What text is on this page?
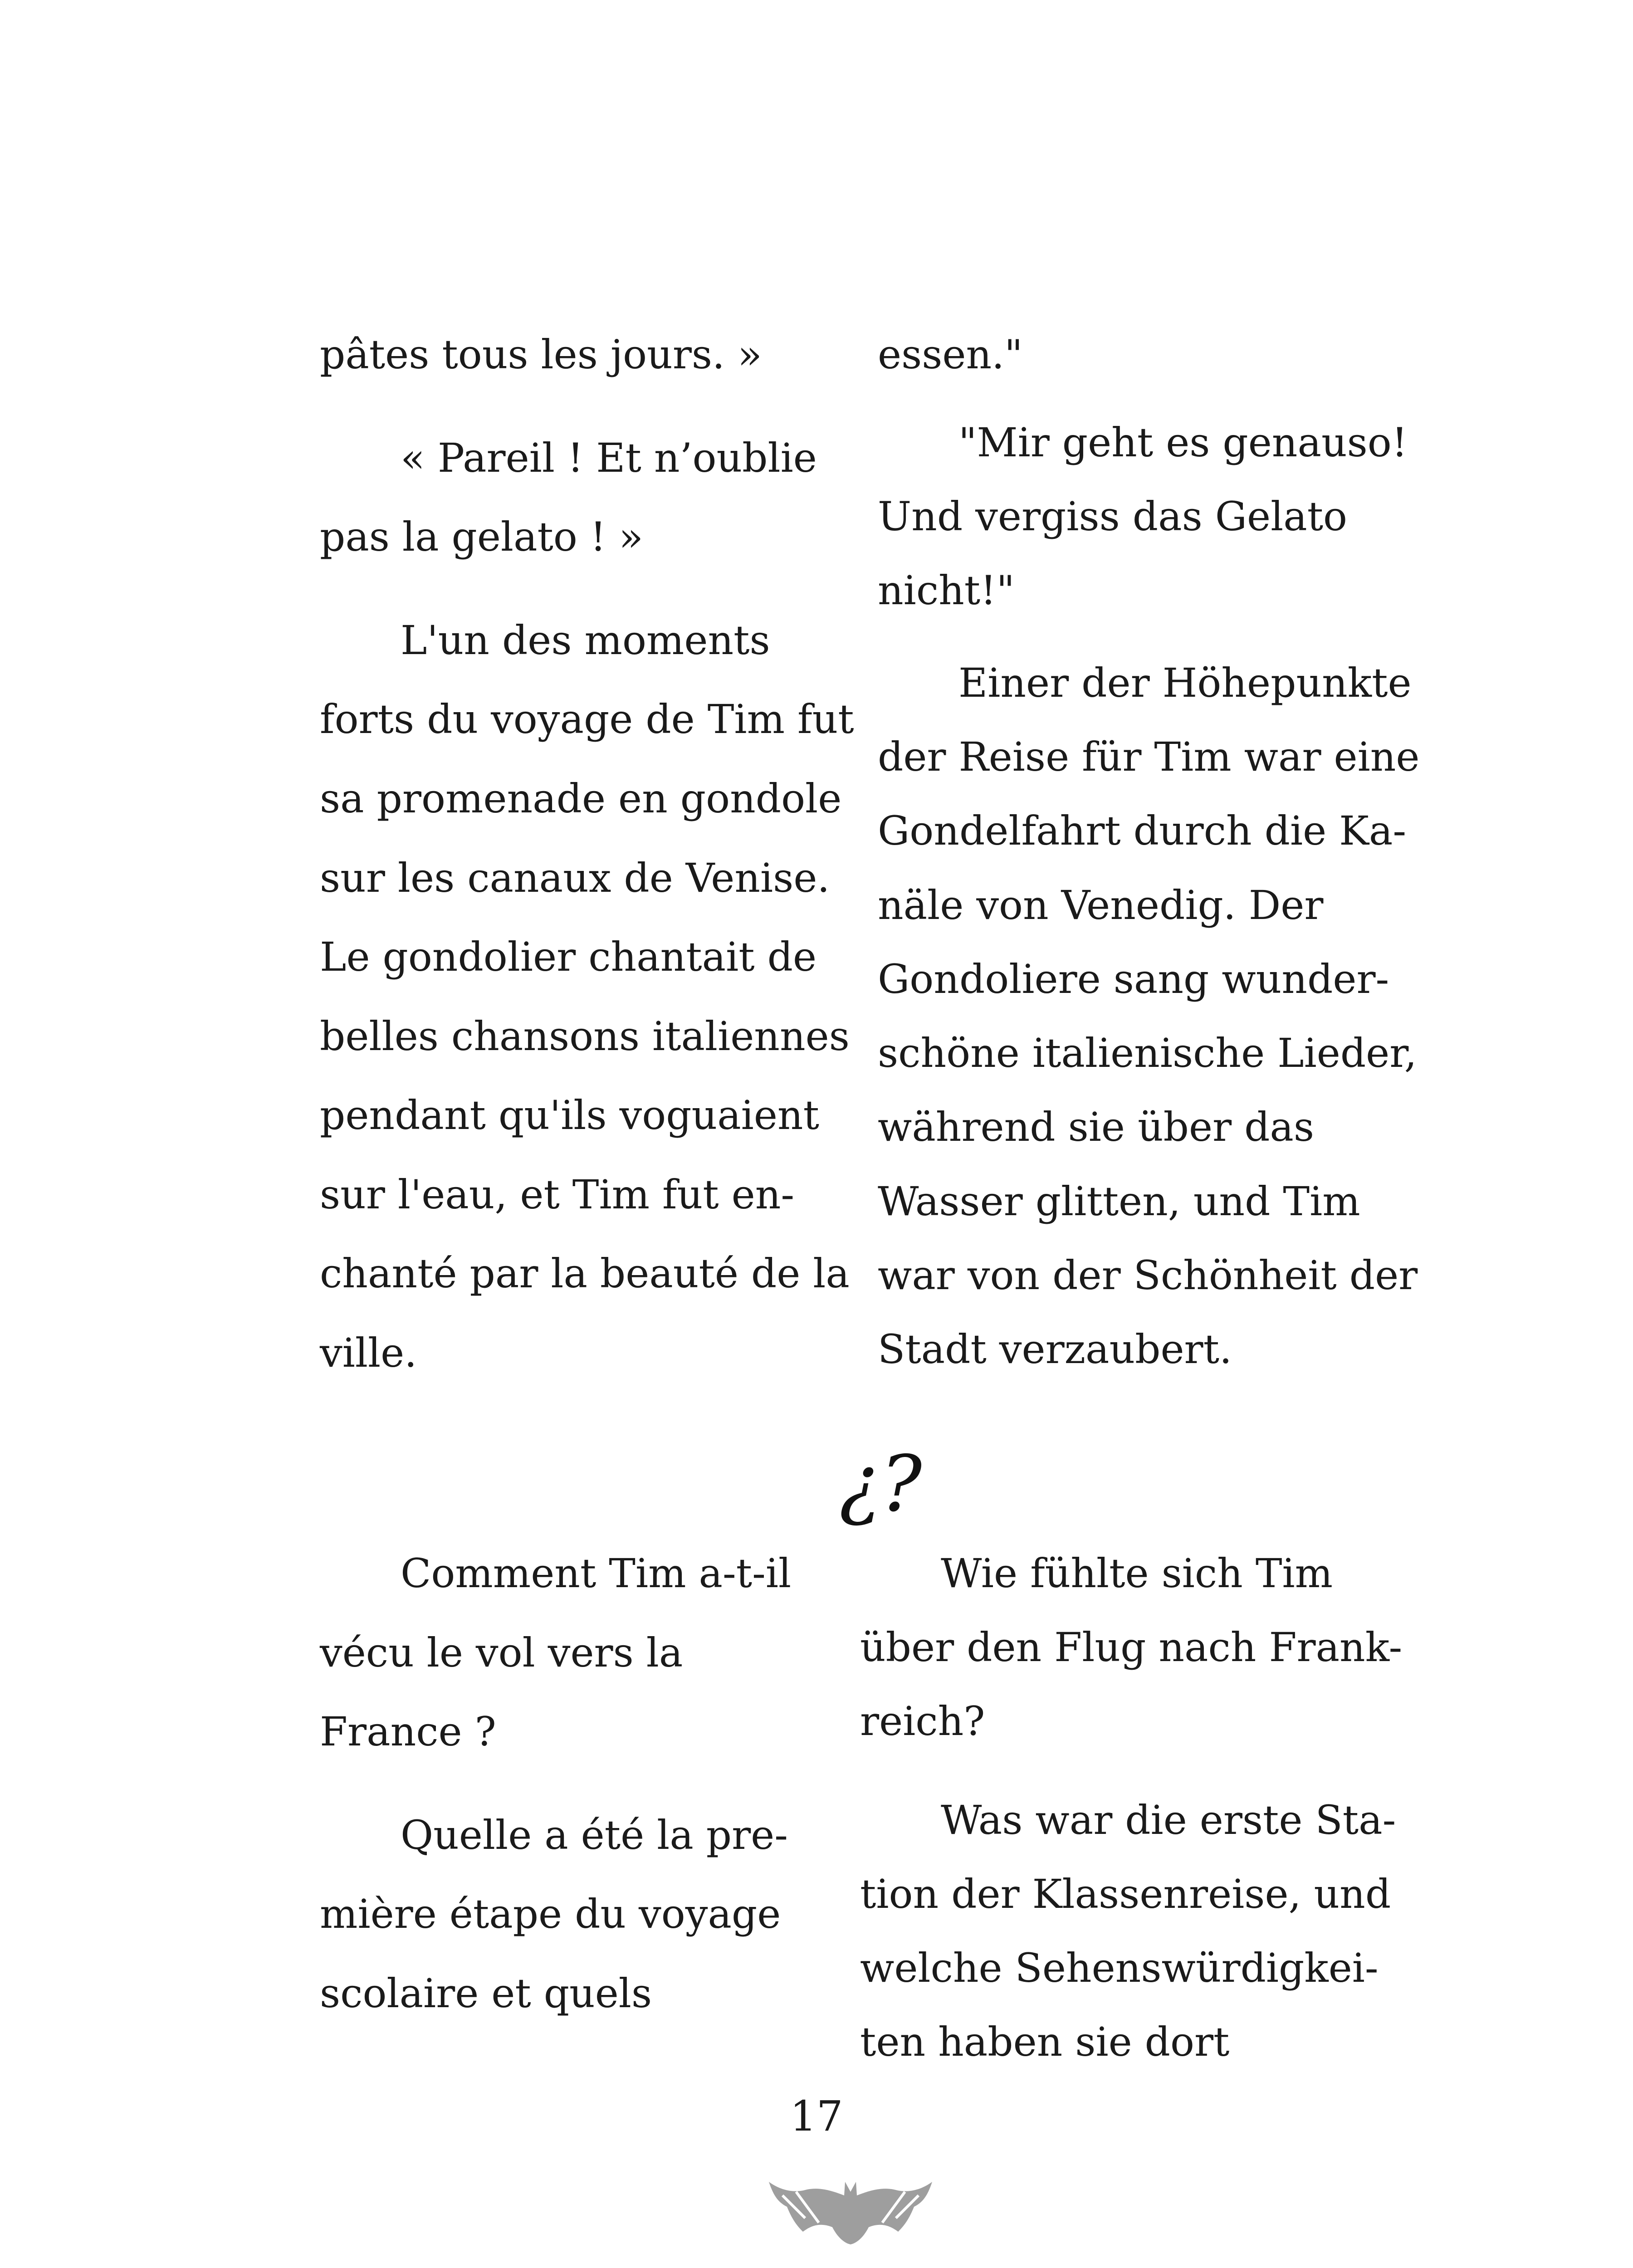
pâtes tous les jours. »
« Pareil ! Et n’oublie
pas la gelato ! »
L'un des moments
forts du voyage de Tim fut
sa promenade en gondole
sur les canaux de Venise.
Le gondolier chantait de
belles chansons italiennes
pendant qu'ils voguaient
sur l'eau, et Tim fut en-
chanté par la beauté de la
ville.
essen."
"Mir geht es genauso!
Und vergiss das Gelato
nicht!"
Einer der Höhepunkte
der Reise für Tim war eine
Gondelfahrt durch die Ka-
näle von Venedig. Der
Gondoliere sang wunder-
schöne italienische Lieder,
während sie über das
Wasser glitten, und Tim
war von der Schönheit der
Stadt verzaubert.
¿?
Comment Tim a-t-il
vécu le vol vers la
France ?
Quelle a été la pre-
mière étape du voyage
scolaire et quels
Wie fühlte sich Tim
über den Flug nach Frank-
reich?
Was war die erste Sta-
tion der Klassenreise, und
welche Sehenswürdigkei-
ten haben sie dort
17
